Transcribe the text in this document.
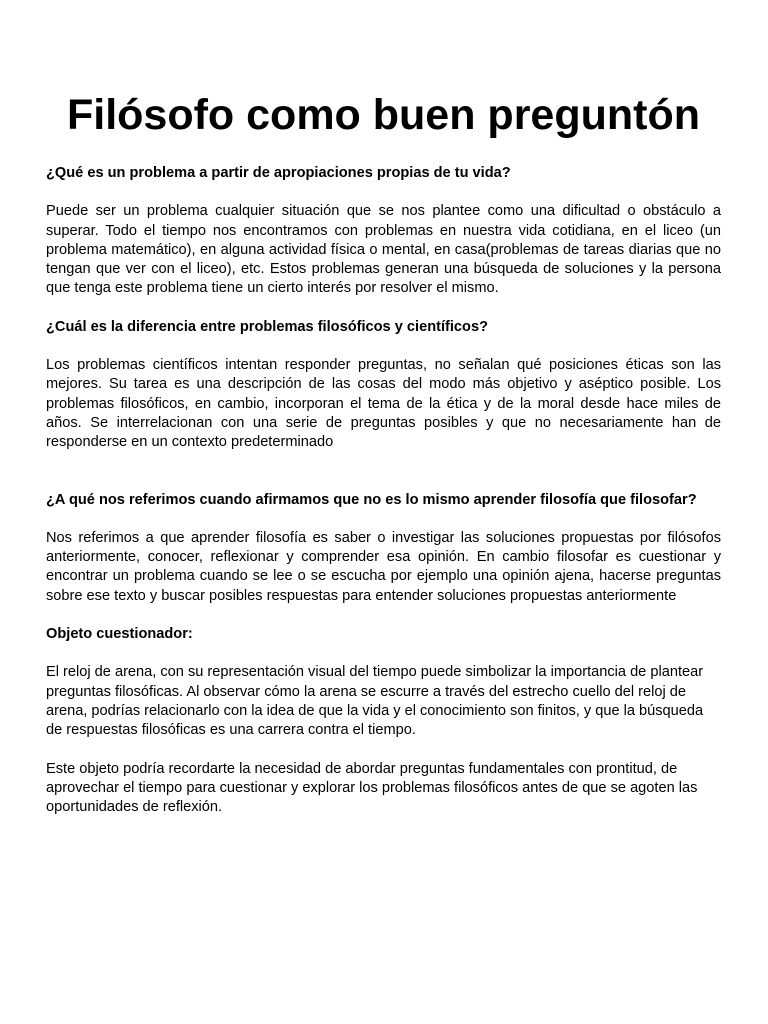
Filósofo como buen preguntón

¿Qué es un problema a partir de apropiaciones propias de tu vida?

Puede ser un problema cualquier situación que se nos plantee como una dificultad o obstáculo a superar. Todo el tiempo nos encontramos con problemas en nuestra vida cotidiana, en el liceo (un problema matemático), en alguna actividad física o mental, en casa(problemas de tareas diarias que no tengan que ver con el liceo), etc. Estos problemas generan una búsqueda de soluciones y la persona que tenga este problema tiene un cierto interés por resolver el mismo.

¿Cuál es la diferencia entre problemas filosóficos y científicos?

Los problemas científicos intentan responder preguntas, no señalan qué posiciones éticas son las mejores. Su tarea es una descripción de las cosas del modo más objetivo y aséptico posible. Los problemas filosóficos, en cambio, incorporan el tema de la ética y de la moral desde hace miles de años. Se interrelacionan con una serie de preguntas posibles y que no necesariamente han de responderse en un contexto predeterminado

¿A qué nos referimos cuando afirmamos que no es lo mismo aprender filosofía que filosofar?

Nos referimos a que aprender filosofía es saber o investigar las soluciones propuestas por filósofos anteriormente, conocer, reflexionar y comprender esa opinión. En cambio filosofar es cuestionar y encontrar un problema cuando se lee o se escucha por ejemplo una opinión ajena, hacerse preguntas sobre ese texto y buscar posibles respuestas para entender soluciones propuestas anteriormente

Objeto cuestionador:

El reloj de arena, con su representación visual del tiempo puede simbolizar la importancia de plantear preguntas filosóficas. Al observar cómo la arena se escurre a través del estrecho cuello del reloj de arena, podrías relacionarlo con la idea de que la vida y el conocimiento son finitos, y que la búsqueda de respuestas filosóficas es una carrera contra el tiempo.

Este objeto podría recordarte la necesidad de abordar preguntas fundamentales con prontitud, de aprovechar el tiempo para cuestionar y explorar los problemas filosóficos antes de que se agoten las oportunidades de reflexión.
